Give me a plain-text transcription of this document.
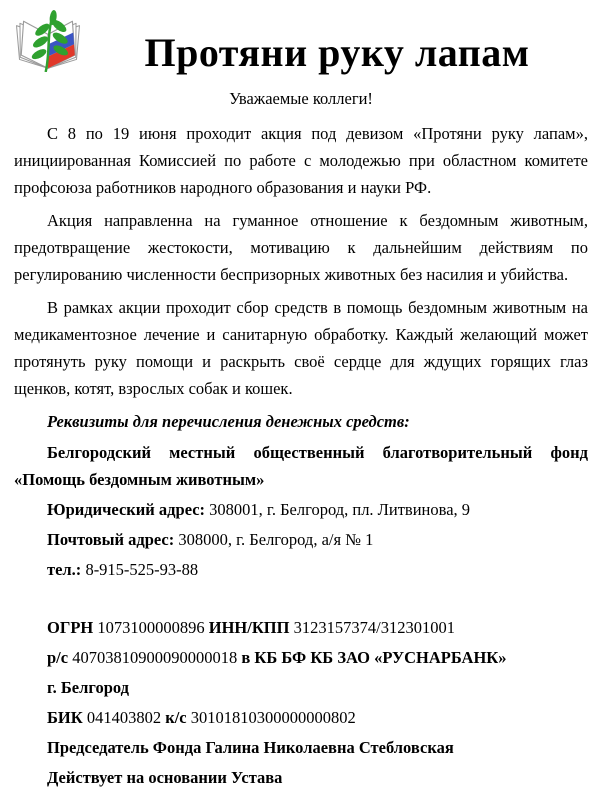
Протяни руку лапам

Уважаемые коллеги!

С 8 по 19 июня проходит акция под девизом «Протяни руку лапам», инициированная Комиссией по работе с молодежью при областном комитете профсоюза работников народного образования и науки РФ.

Акция направленна на гуманное отношение к бездомным животным, предотвращение жестокости, мотивацию к дальнейшим действиям по регулированию численности беспризорных животных без насилия и убийства.

В рамках акции проходит сбор средств в помощь бездомным животным на медикаментозное лечение и санитарную обработку. Каждый желающий может протянуть руку помощи и раскрыть своё сердце для ждущих горящих глаз щенков, котят, взрослых собак и кошек.

Реквизиты для перечисления денежных средств:

Белгородский местный общественный благотворительный фонд «Помощь бездомным животным»

Юридический адрес: 308001, г. Белгород, пл. Литвинова, 9

Почтовый адрес: 308000, г. Белгород, а/я № 1

тел.: 8-915-525-93-88

ОГРН 1073100000896 ИНН/КПП 3123157374/312301001

р/с 40703810900090000018 в КБ БФ КБ ЗАО «РУСНАРБАНК»

г. Белгород

БИК 041403802 к/с 30101810300000000802

Председатель Фонда Галина Николаевна Стебловская

Действует на основании Устава
